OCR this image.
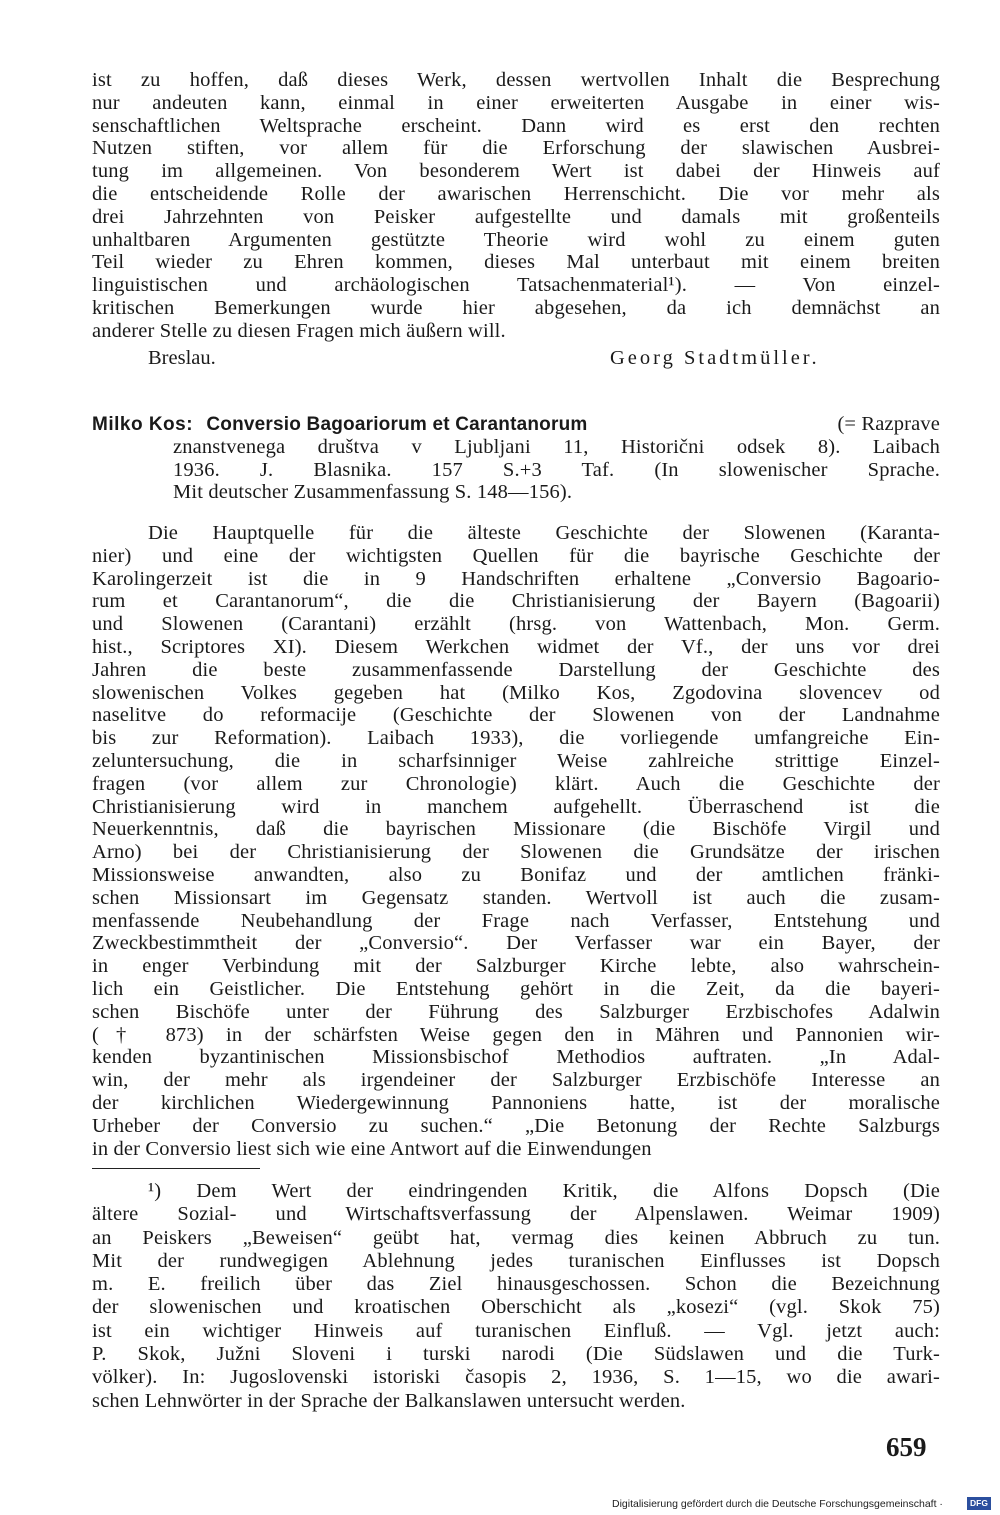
ist zu hoffen, daß dieses Werk, dessen wertvollen Inhalt die Besprechung
nur andeuten kann, einmal in einer erweiterten Ausgabe in einer wis-
senschaftlichen Weltsprache erscheint. Dann wird es erst den rechten
Nutzen stiften, vor allem für die Erforschung der slawischen Ausbrei-
tung im allgemeinen. Von besonderem Wert ist dabei der Hinweis auf
die entscheidende Rolle der awarischen Herrenschicht. Die vor mehr als
drei Jahrzehnten von Peisker aufgestellte und damals mit großenteils
unhaltbaren Argumenten gestützte Theorie wird wohl zu einem guten
Teil wieder zu Ehren kommen, dieses Mal unterbaut mit einem breiten
linguistischen und archäologischen Tatsachenmaterial¹). — Von einzel-
kritischen Bemerkungen wurde hier abgesehen, da ich demnächst an
anderer Stelle zu diesen Fragen mich äußern will.
Breslau.	Georg Stadtmüller.
Milko Kos: Conversio Bagoariorum et Carantanorum	(= Razprave
znanstvenega društva v Ljubljani 11, Historični odsek 8). Laibach
1936. J. Blasnika. 157 S.+3 Taf. (In slowenischer Sprache.
Mit deutscher Zusammenfassung S. 148—156).
Die Hauptquelle für die älteste Geschichte der Slowenen (Karanta-
nier) und eine der wichtigsten Quellen für die bayrische Geschichte der
Karolingerzeit ist die in 9 Handschriften erhaltene „Conversio Bagoario-
rum et Carantanorum“, die die Christianisierung der Bayern (Bagoarii)
und Slowenen (Carantani) erzählt (hrsg. von Wattenbach, Mon. Germ.
hist., Scriptores XI). Diesem Werkchen widmet der Vf., der uns vor drei
Jahren die beste zusammenfassende Darstellung der Geschichte des
slowenischen Volkes gegeben hat (Milko Kos, Zgodovina slovencev od
naselitve do reformacije (Geschichte der Slowenen von der Landnahme
bis zur Reformation). Laibach 1933), die vorliegende umfangreiche Ein-
zeluntersuchung, die in scharfsinniger Weise zahlreiche strittige Einzel-
fragen (vor allem zur Chronologie) klärt. Auch die Geschichte der
Christianisierung wird in manchem aufgehellt. Überraschend ist die
Neuerkenntnis, daß die bayrischen Missionare (die Bischöfe Virgil und
Arno) bei der Christianisierung der Slowenen die Grundsätze der irischen
Missionsweise anwandten, also zu Bonifaz und der amtlichen fränki-
schen Missionsart im Gegensatz standen. Wertvoll ist auch die zusam-
menfassende Neubehandlung der Frage nach Verfasser, Entstehung und
Zweckbestimmtheit der „Conversio“. Der Verfasser war ein Bayer, der
in enger Verbindung mit der Salzburger Kirche lebte, also wahrschein-
lich ein Geistlicher. Die Entstehung gehört in die Zeit, da die bayeri-
schen Bischöfe unter der Führung des Salzburger Erzbischofes Adalwin
(† 873) in der schärfsten Weise gegen den in Mähren und Pannonien wir-
kenden byzantinischen Missionsbischof Methodios auftraten. „In Adal-
win, der mehr als irgendeiner der Salzburger Erzbischöfe Interesse an
der kirchlichen Wiedergewinnung Pannoniens hatte, ist der moralische
Urheber der Conversio zu suchen.“ „Die Betonung der Rechte Salzburgs
in der Conversio liest sich wie eine Antwort auf die Einwendungen
¹) Dem Wert der eindringenden Kritik, die Alfons Dopsch (Die
ältere Sozial- und Wirtschaftsverfassung der Alpenslawen. Weimar 1909)
an Peiskers „Beweisen“ geübt hat, vermag dies keinen Abbruch zu tun.
Mit der rundwegigen Ablehnung jedes turanischen Einflusses ist Dopsch
m. E. freilich über das Ziel hinausgeschossen. Schon die Bezeichnung
der slowenischen und kroatischen Oberschicht als „kosezi“ (vgl. Skok 75)
ist ein wichtiger Hinweis auf turanischen Einfluß. — Vgl. jetzt auch:
P. Skok, Južni Sloveni i turski narodi (Die Südslawen und die Turk-
völker). In: Jugoslovenski istoriski časopis 2, 1936, S. 1—15, wo die awari-
schen Lehnwörter in der Sprache der Balkanslawen untersucht werden.
659
Digitalisierung gefördert durch die Deutsche Forschungsgemeinschaft ·	DFG
